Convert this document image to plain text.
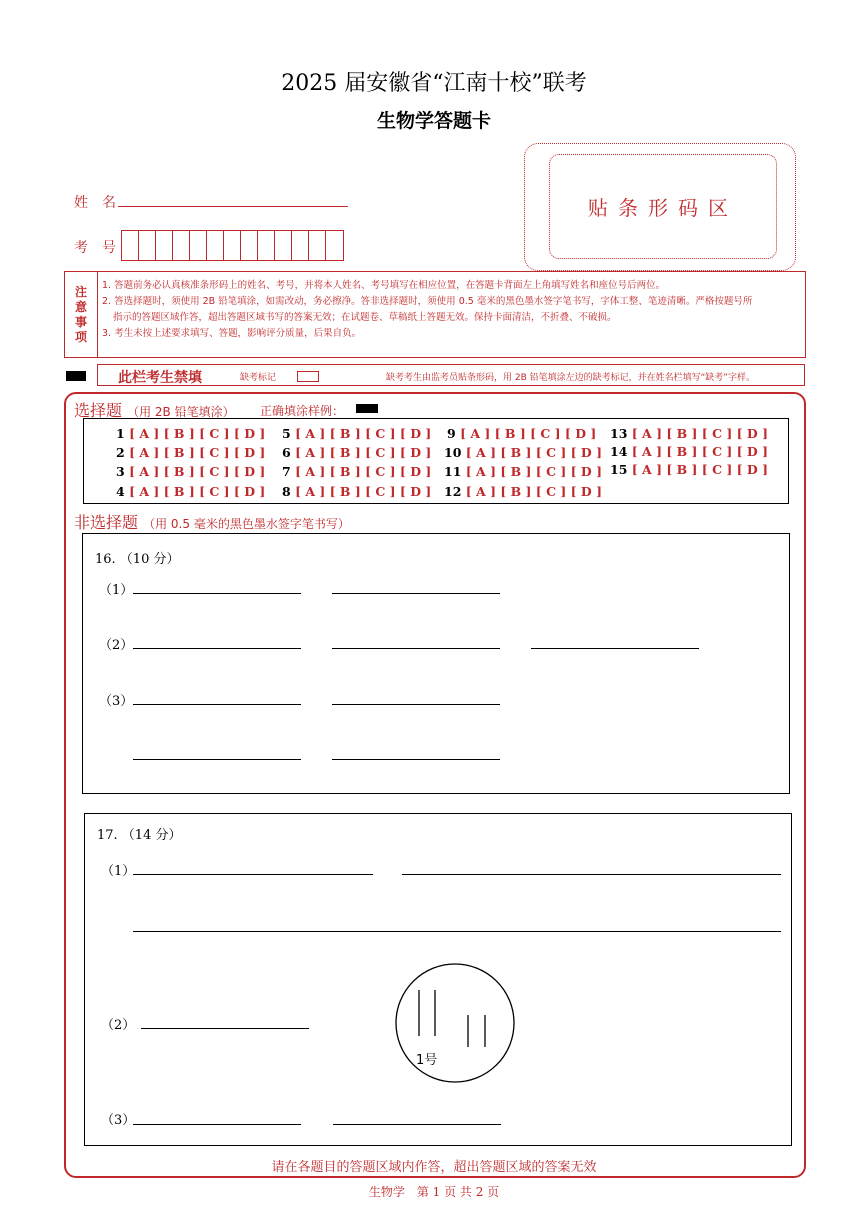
2025 届安徽省“江南十校”联考
生物学答题卡
贴条形码区
姓　名
考　号
注
意
事
项

1. 答题前务必认真核准条形码上的姓名、考号，并将本人姓名、考号填写在相应位置，在答题卡背面左上角填写姓名和座位号后两位。

2. 答选择题时，须使用 2B 铅笔填涂，如需改动，务必擦净。答非选择题时，须使用 0.5 毫米的黑色墨水签字笔书写，字体工整、笔迹清晰。严格按题号所

指示的答题区域作答，超出答题区域书写的答案无效；在试题卷、草稿纸上答题无效。保持卡面清洁，不折叠、不破损。

3. 考生未按上述要求填写、答题，影响评分质量，后果自负。

此栏考生禁填	缺考标记	缺考考生由监考员贴条形码，用 2B 铅笔填涂左边的缺考标记，并在姓名栏填写“缺考”字样。
选择题 （用 2B 铅笔填涂） 正确填涂样例：
1 [ A ] [ B ] [ C ] [ D ]
2 [ A ] [ B ] [ C ] [ D ]
3 [ A ] [ B ] [ C ] [ D ]
4 [ A ] [ B ] [ C ] [ D ]
5 [ A ] [ B ] [ C ] [ D ]
6 [ A ] [ B ] [ C ] [ D ]
7 [ A ] [ B ] [ C ] [ D ]
8 [ A ] [ B ] [ C ] [ D ]
9 [ A ] [ B ] [ C ] [ D ]
10 [ A ] [ B ] [ C ] [ D ]
11 [ A ] [ B ] [ C ] [ D ]
12 [ A ] [ B ] [ C ] [ D ]
13 [ A ] [ B ] [ C ] [ D ]
14 [ A ] [ B ] [ C ] [ D ]
15 [ A ] [ B ] [ C ] [ D ]
非选择题 （用 0.5 毫米的黑色墨水签字笔书写）
16. （10 分）
（1）
（2）
（3）
17. （14 分）
（1）
（2）
1号
（3）
请在各题目的答题区域内作答，超出答题区域的答案无效
生物学　第 1 页 共 2 页
